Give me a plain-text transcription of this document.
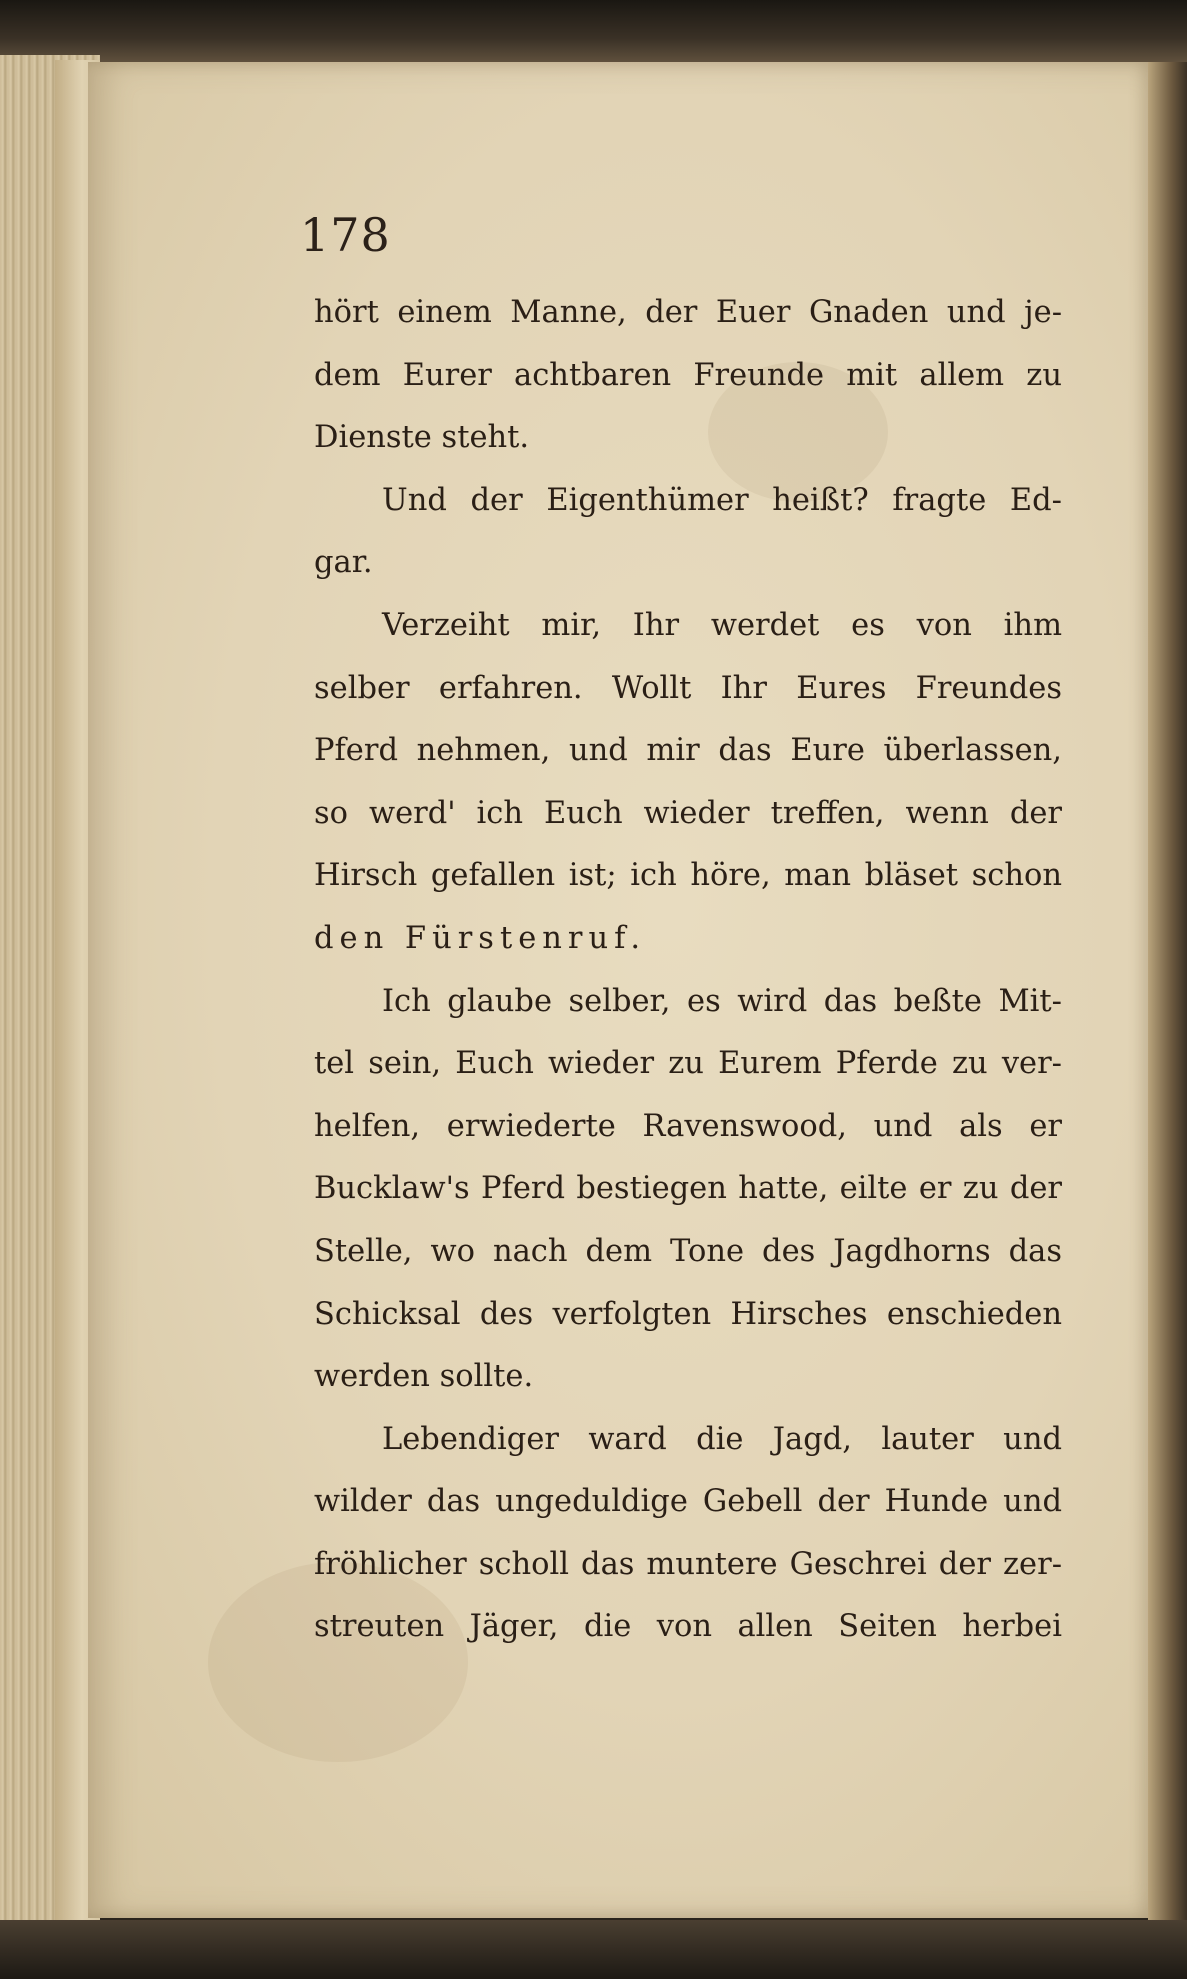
178
hört einem Manne, der Euer Gnaden und je-
dem Eurer achtbaren Freunde mit allem zu
Dienste steht.
Und der Eigenthümer heißt? fragte Ed-
gar.
Verzeiht mir, Ihr werdet es von ihm
selber erfahren. Wollt Ihr Eures Freundes
Pferd nehmen, und mir das Eure überlassen,
so werd' ich Euch wieder treffen, wenn der
Hirsch gefallen ist; ich höre, man bläset schon
den Fürstenruf.
Ich glaube selber, es wird das beßte Mit-
tel sein, Euch wieder zu Eurem Pferde zu ver-
helfen, erwiederte Ravenswood, und als er
Bucklaw's Pferd bestiegen hatte, eilte er zu der
Stelle, wo nach dem Tone des Jagdhorns das
Schicksal des verfolgten Hirsches enschieden
werden sollte.
Lebendiger ward die Jagd, lauter und
wilder das ungeduldige Gebell der Hunde und
fröhlicher scholl das muntere Geschrei der zer-
streuten Jäger, die von allen Seiten herbei
